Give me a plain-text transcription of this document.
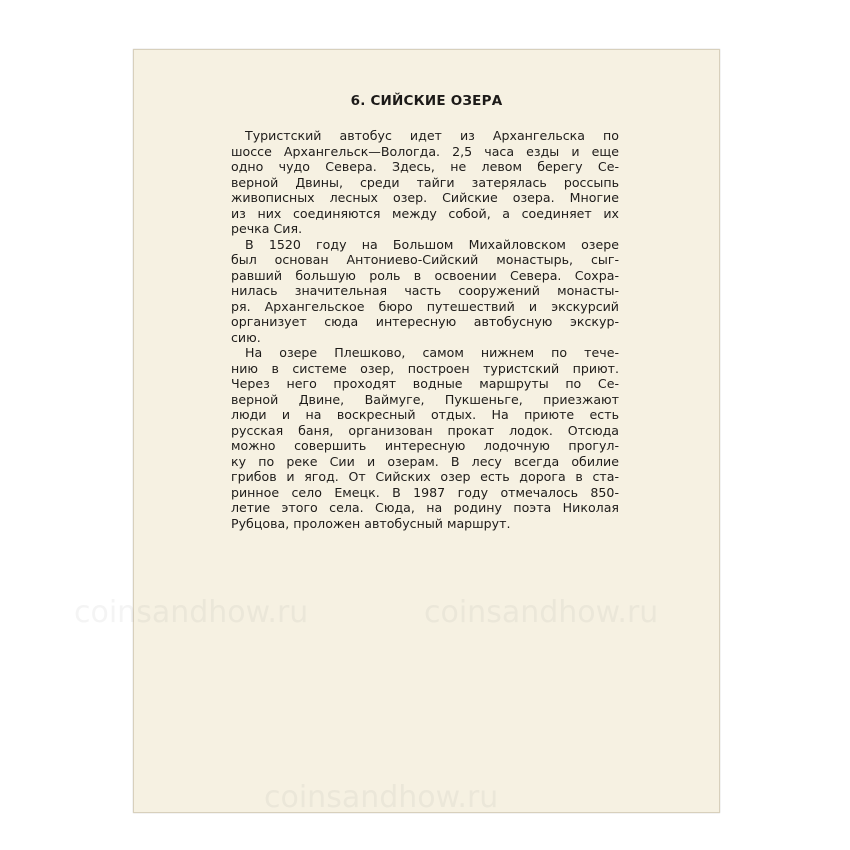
6. СИЙСКИЕ ОЗЕРА
Туристский автобус идет из Архангельска по
шоссе Архангельск—Вологда. 2,5 часа езды и еще
одно чудо Севера. Здесь, не левом берегу Се-
верной Двины, среди тайги затерялась россыпь
живописных лесных озер. Сийские озера. Многие
из них соединяются между собой, а соединяет их
речка Сия.
В 1520 году на Большом Михайловском озере
был основан Антониево-Сийский монастырь, сыг-
равший большую роль в освоении Севера. Сохра-
нилась значительная часть сооружений монасты-
ря. Архангельское бюро путешествий и экскурсий
организует сюда интересную автобусную экскур-
сию.
На озере Плешково, самом нижнем по тече-
нию в системе озер, построен туристский приют.
Через него проходят водные маршруты по Се-
верной Двине, Ваймуге, Пукшеньге, приезжают
люди и на воскресный отдых. На приюте есть
русская баня, организован прокат лодок. Отсюда
можно совершить интересную лодочную прогул-
ку по реке Сии и озерам. В лесу всегда обилие
грибов и ягод. От Сийских озер есть дорога в ста-
ринное село Емецк. В 1987 году отмечалось 850-
летие этого села. Сюда, на родину поэта Николая
Рубцова, проложен автобусный маршрут.
coinsandhow.ru	coinsandhow.ru
coinsandhow.ru
